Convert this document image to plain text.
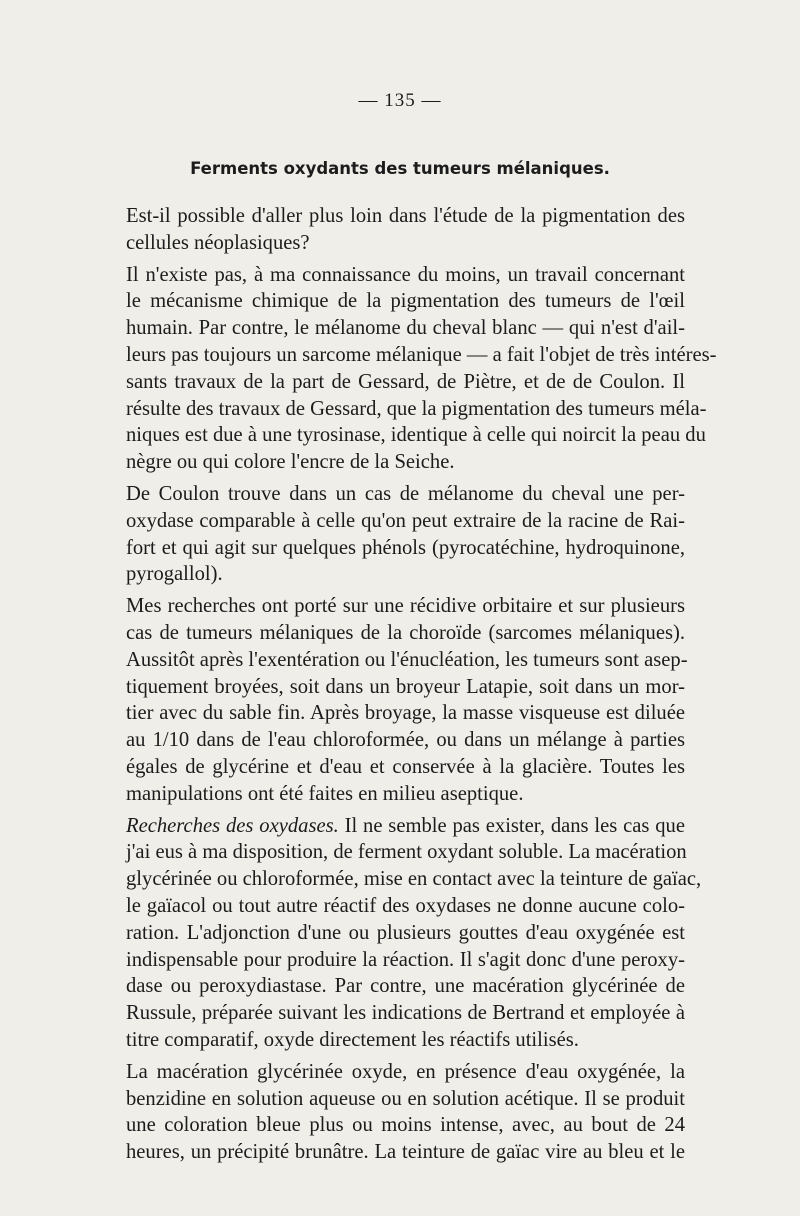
— 135 —
Ferments oxydants des tumeurs mélaniques.
Est-il possible d'aller plus loin dans l'étude de la pigmentation des
cellules néoplasiques?
Il n'existe pas, à ma connaissance du moins, un travail concernant
le mécanisme chimique de la pigmentation des tumeurs de l'œil
humain. Par contre, le mélanome du cheval blanc — qui n'est d'ail-
leurs pas toujours un sarcome mélanique — a fait l'objet de très intéres-
sants travaux de la part de Gessard, de Piètre, et de de Coulon. Il
résulte des travaux de Gessard, que la pigmentation des tumeurs méla-
niques est due à une tyrosinase, identique à celle qui noircit la peau du
nègre ou qui colore l'encre de la Seiche.
De Coulon trouve dans un cas de mélanome du cheval une per-
oxydase comparable à celle qu'on peut extraire de la racine de Rai-
fort et qui agit sur quelques phénols (pyrocatéchine, hydroquinone,
pyrogallol).
Mes recherches ont porté sur une récidive orbitaire et sur plusieurs
cas de tumeurs mélaniques de la choroïde (sarcomes mélaniques).
Aussitôt après l'exentération ou l'énucléation, les tumeurs sont asep-
tiquement broyées, soit dans un broyeur Latapie, soit dans un mor-
tier avec du sable fin. Après broyage, la masse visqueuse est diluée
au 1/10 dans de l'eau chloroformée, ou dans un mélange à parties
égales de glycérine et d'eau et conservée à la glacière. Toutes les
manipulations ont été faites en milieu aseptique.
Recherches des oxydases. Il ne semble pas exister, dans les cas que
j'ai eus à ma disposition, de ferment oxydant soluble. La macération
glycérinée ou chloroformée, mise en contact avec la teinture de gaïac,
le gaïacol ou tout autre réactif des oxydases ne donne aucune colo-
ration. L'adjonction d'une ou plusieurs gouttes d'eau oxygénée est
indispensable pour produire la réaction. Il s'agit donc d'une peroxy-
dase ou peroxydiastase. Par contre, une macération glycérinée de
Russule, préparée suivant les indications de Bertrand et employée à
titre comparatif, oxyde directement les réactifs utilisés.
La macération glycérinée oxyde, en présence d'eau oxygénée, la
benzidine en solution aqueuse ou en solution acétique. Il se produit
une coloration bleue plus ou moins intense, avec, au bout de 24
heures, un précipité brunâtre. La teinture de gaïac vire au bleu et le
